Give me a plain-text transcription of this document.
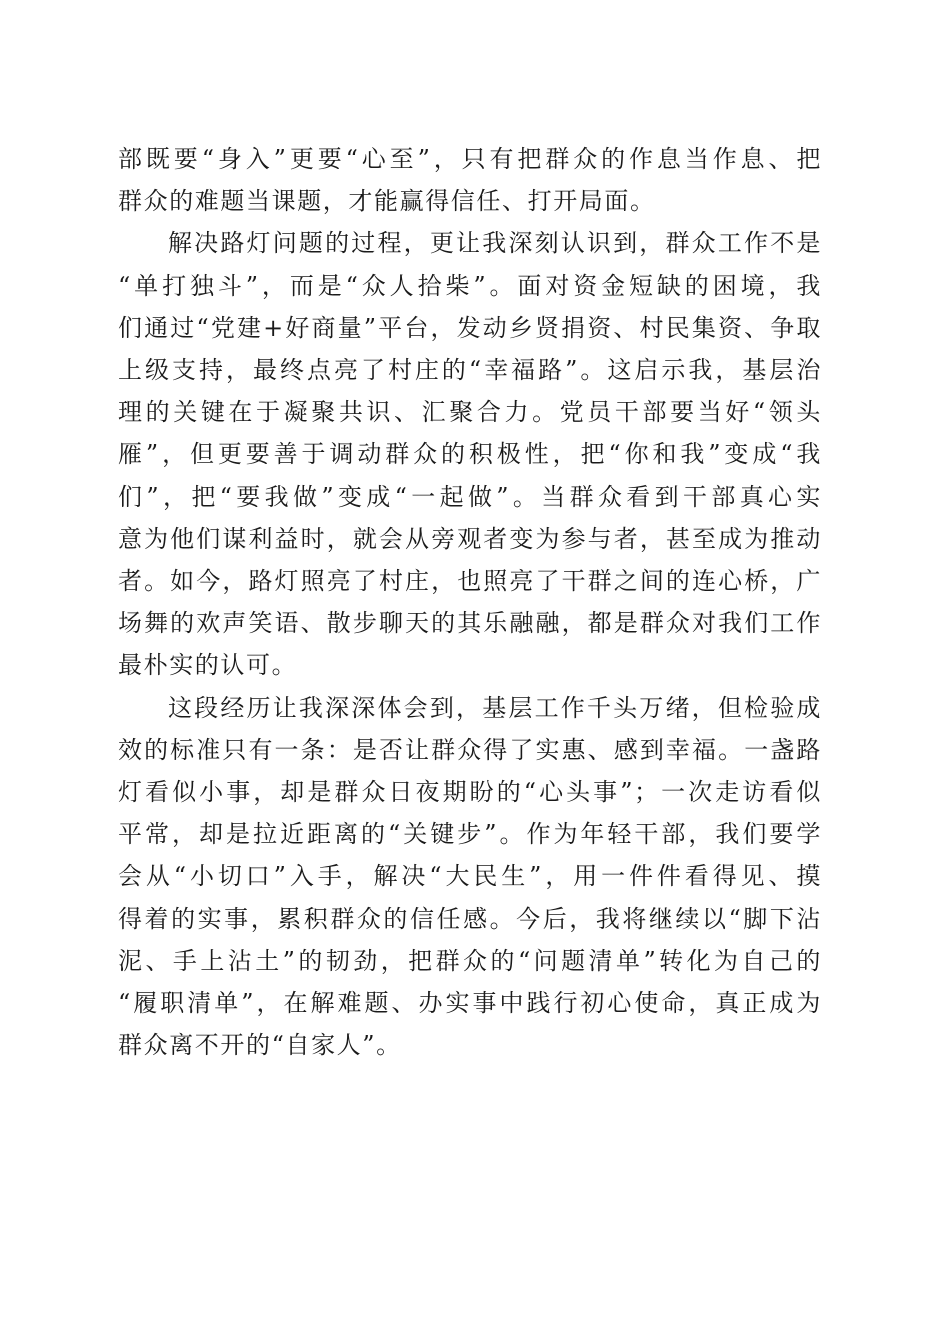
部既要“身入”更要“心至”，只有把群众的作息当作息、把
群众的难题当课题，才能赢得信任、打开局面。
解决路灯问题的过程，更让我深刻认识到，群众工作不是
“单打独斗”，而是“众人拾柴”。面对资金短缺的困境，我
们通过“党建+好商量”平台，发动乡贤捐资、村民集资、争取
上级支持，最终点亮了村庄的“幸福路”。这启示我，基层治
理的关键在于凝聚共识、汇聚合力。党员干部要当好“领头
雁”，但更要善于调动群众的积极性，把“你和我”变成“我
们”，把“要我做”变成“一起做”。当群众看到干部真心实
意为他们谋利益时，就会从旁观者变为参与者，甚至成为推动
者。如今，路灯照亮了村庄，也照亮了干群之间的连心桥，广
场舞的欢声笑语、散步聊天的其乐融融，都是群众对我们工作
最朴实的认可。
这段经历让我深深体会到，基层工作千头万绪，但检验成
效的标准只有一条：是否让群众得了实惠、感到幸福。一盏路
灯看似小事，却是群众日夜期盼的“心头事”；一次走访看似
平常，却是拉近距离的“关键步”。作为年轻干部，我们要学
会从“小切口”入手，解决“大民生”，用一件件看得见、摸
得着的实事，累积群众的信任感。今后，我将继续以“脚下沾
泥、手上沾土”的韧劲，把群众的“问题清单”转化为自己的
“履职清单”，在解难题、办实事中践行初心使命，真正成为
群众离不开的“自家人”。
